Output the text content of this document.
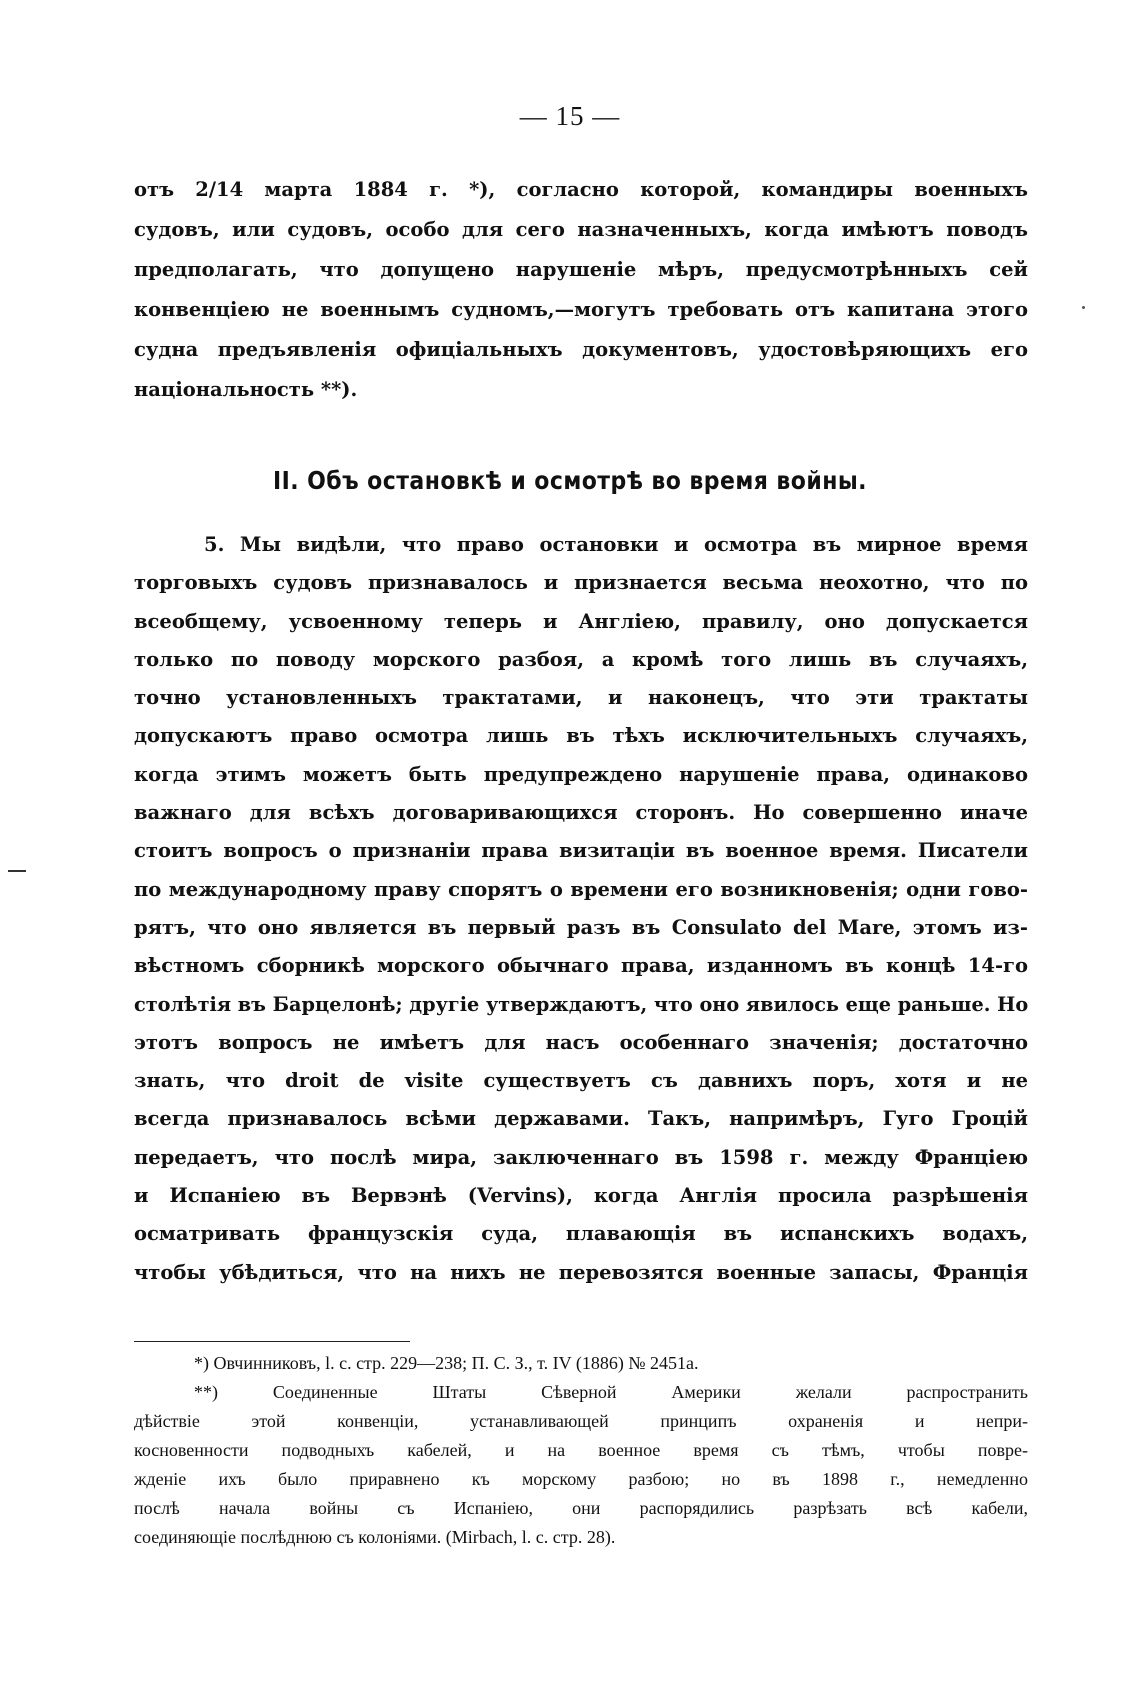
— 15 —
отъ 2/14 марта 1884 г. *), согласно которой, командиры военныхъ
судовъ, или судовъ, особо для сего назначенныхъ, когда имѣютъ поводъ
предполагать, что допущено нарушеніе мѣръ, предусмотрѣнныхъ сей
конвенціею не военнымъ судномъ,—могутъ требовать отъ капитана этого
судна предъявленія офиціальныхъ документовъ, удостовѣряющихъ его
національность **).
II. Объ остановкѣ и осмотрѣ во время войны.
5. Мы видѣли, что право остановки и осмотра въ мирное время
торговыхъ судовъ признавалось и признается весьма неохотно, что по
всеобщему, усвоенному теперь и Англіею, правилу, оно допускается
только по поводу морского разбоя, а кромѣ того лишь въ случаяхъ,
точно установленныхъ трактатами, и наконецъ, что эти трактаты
допускаютъ право осмотра лишь въ тѣхъ исключительныхъ случаяхъ,
когда этимъ можетъ быть предупреждено нарушеніе права, одинаково
важнаго для всѣхъ договаривающихся сторонъ. Но совершенно иначе
стоитъ вопросъ о признаніи права визитаціи въ военное время. Писатели
по международному праву спорятъ о времени его возникновенія; одни гово-
рятъ, что оно является въ первый разъ въ Consulato del Mare, этомъ из-
вѣстномъ сборникѣ морского обычнаго права, изданномъ въ концѣ 14-го
столѣтія въ Барцелонѣ; другіе утверждаютъ, что оно явилось еще раньше. Но
этотъ вопросъ не имѣетъ для насъ особеннаго значенія; достаточно
знать, что droit de visite существуетъ съ давнихъ поръ, хотя и не
всегда признавалось всѣми державами. Такъ, напримѣръ, Гуго Гроцій
передаетъ, что послѣ мира, заключеннаго въ 1598 г. между Франціею
и Испаніею въ Вервэнѣ (Vervins), когда Англія просила разрѣшенія
осматривать французскія суда, плавающія въ испанскихъ водахъ,
чтобы убѣдиться, что на нихъ не перевозятся военные запасы, Франція
*) Овчинниковъ, l. c. стр. 229—238; П. С. З., т. IV (1886) № 2451а.
**) Соединенные Штаты Сѣверной Америки желали распространить
дѣйствіе этой конвенціи, устанавливающей принципъ охраненія и непри-
косновенности подводныхъ кабелей, и на военное время съ тѣмъ, чтобы повре-
жденіе ихъ было приравнено къ морскому разбою; но въ 1898 г., немедленно
послѣ начала войны съ Испаніею, они распорядились разрѣзать всѣ кабели,
соединяющіе послѣднюю съ колоніями. (Mirbach, l. c. стр. 28).
